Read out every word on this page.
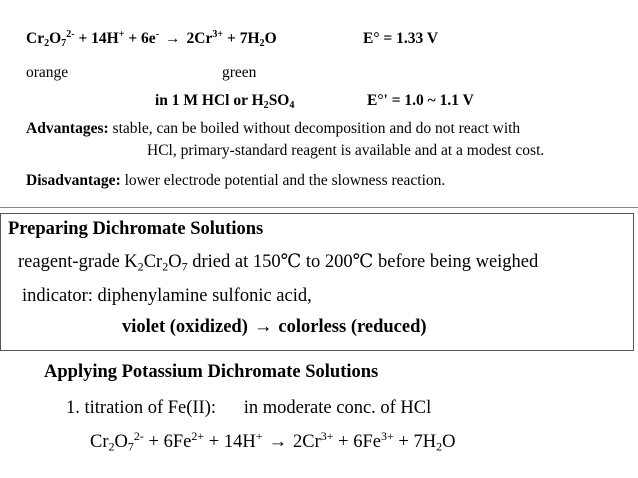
$Cr_2O_7^{2-} + 14H^+ + 6e^- \to 2Cr^{3+} + 7H_2O$	E° = 1.33 V
orange	green
in 1 M HCl or $H_2SO_4$	E°' = 1.0 ~ 1.1 V
Advantages: stable, can be boiled without decomposition and do not react with
HCl, primary-standard reagent is available and at a modest cost.
Disadvantage: lower electrode potential and the slowness reaction.
Preparing Dichromate Solutions
reagent-grade $K_2Cr_2O_7$ dried at 150℃ to 200℃ before being weighed
indicator: diphenylamine sulfonic acid,
violet (oxidized) → colorless (reduced)
Applying Potassium Dichromate Solutions
1. titration of Fe(II):      in moderate conc. of HCl
$Cr_2O_7^{2-} + 6Fe^{2+} + 14H^+ \to 2Cr^{3+} + 6Fe^{3+} + 7H_2O$
